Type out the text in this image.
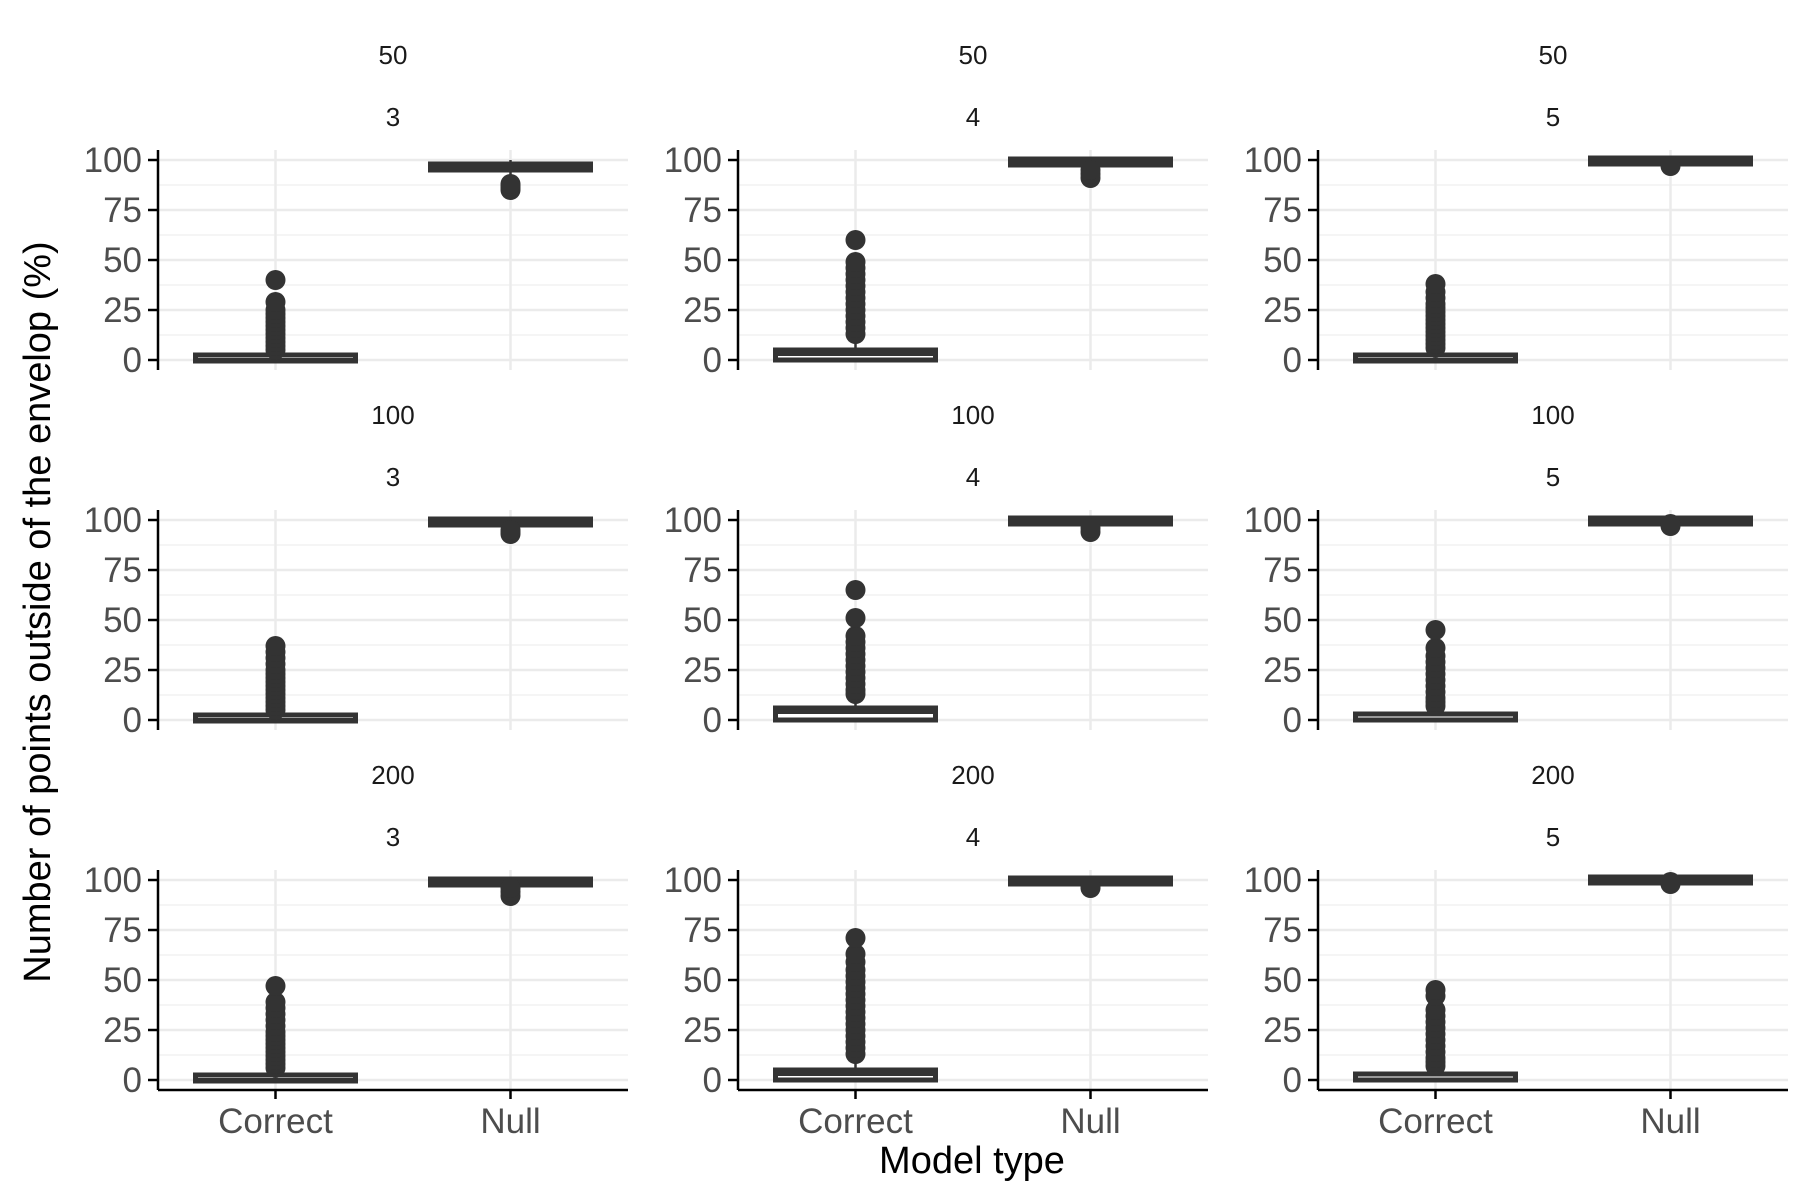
50
3
0
25
50
75
100
50
4
0
25
50
75
100
50
5
0
25
50
75
100
100
3
0
25
50
75
100
100
4
0
25
50
75
100
100
5
0
25
50
75
100
200
3
0
25
50
75
100
Correct	Null
200
4
0
25
50
75
100
Correct	Null
200
5
0
25
50
75
100
Correct	Null
Model type
Number of points outside of the envelop (%)
